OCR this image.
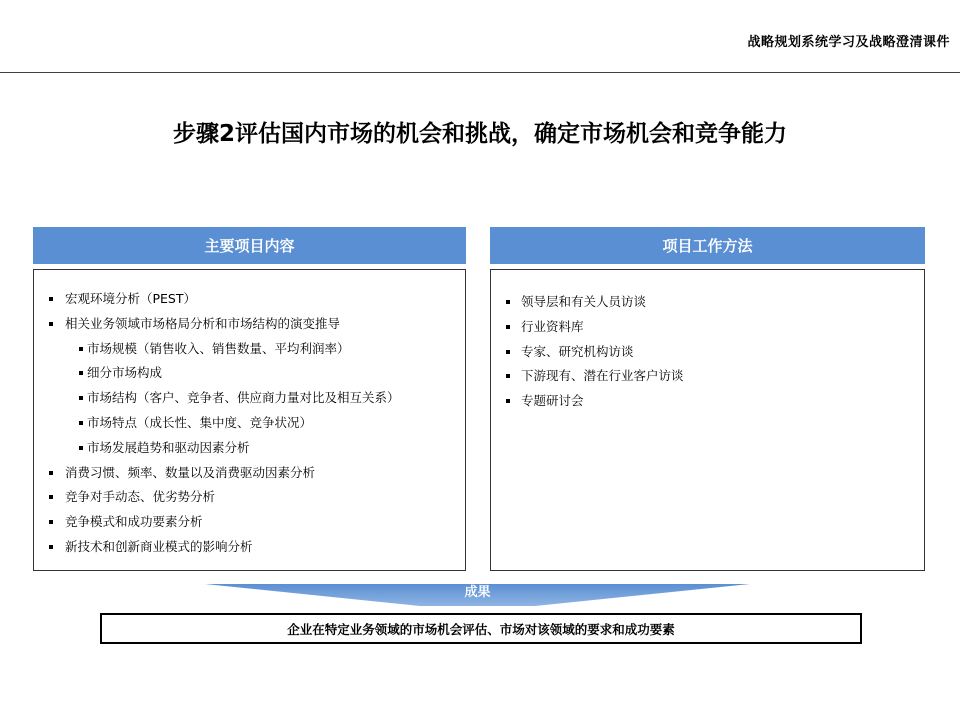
战略规划系统学习及战略澄清课件
步骤2评估国内市场的机会和挑战，确定市场机会和竞争能力
主要项目内容
宏观环境分析（PEST）
相关业务领域市场格局分析和市场结构的演变推导
市场规模（销售收入、销售数量、平均利润率）
细分市场构成
市场结构（客户、竞争者、供应商力量对比及相互关系）
市场特点（成长性、集中度、竞争状况）
市场发展趋势和驱动因素分析
消费习惯、频率、数量以及消费驱动因素分析
竞争对手动态、优劣势分析
竞争模式和成功要素分析
新技术和创新商业模式的影响分析
项目工作方法
领导层和有关人员访谈
行业资料库
专家、研究机构访谈
下游现有、潜在行业客户访谈
专题研讨会
成果
企业在特定业务领域的市场机会评估、市场对该领域的要求和成功要素
